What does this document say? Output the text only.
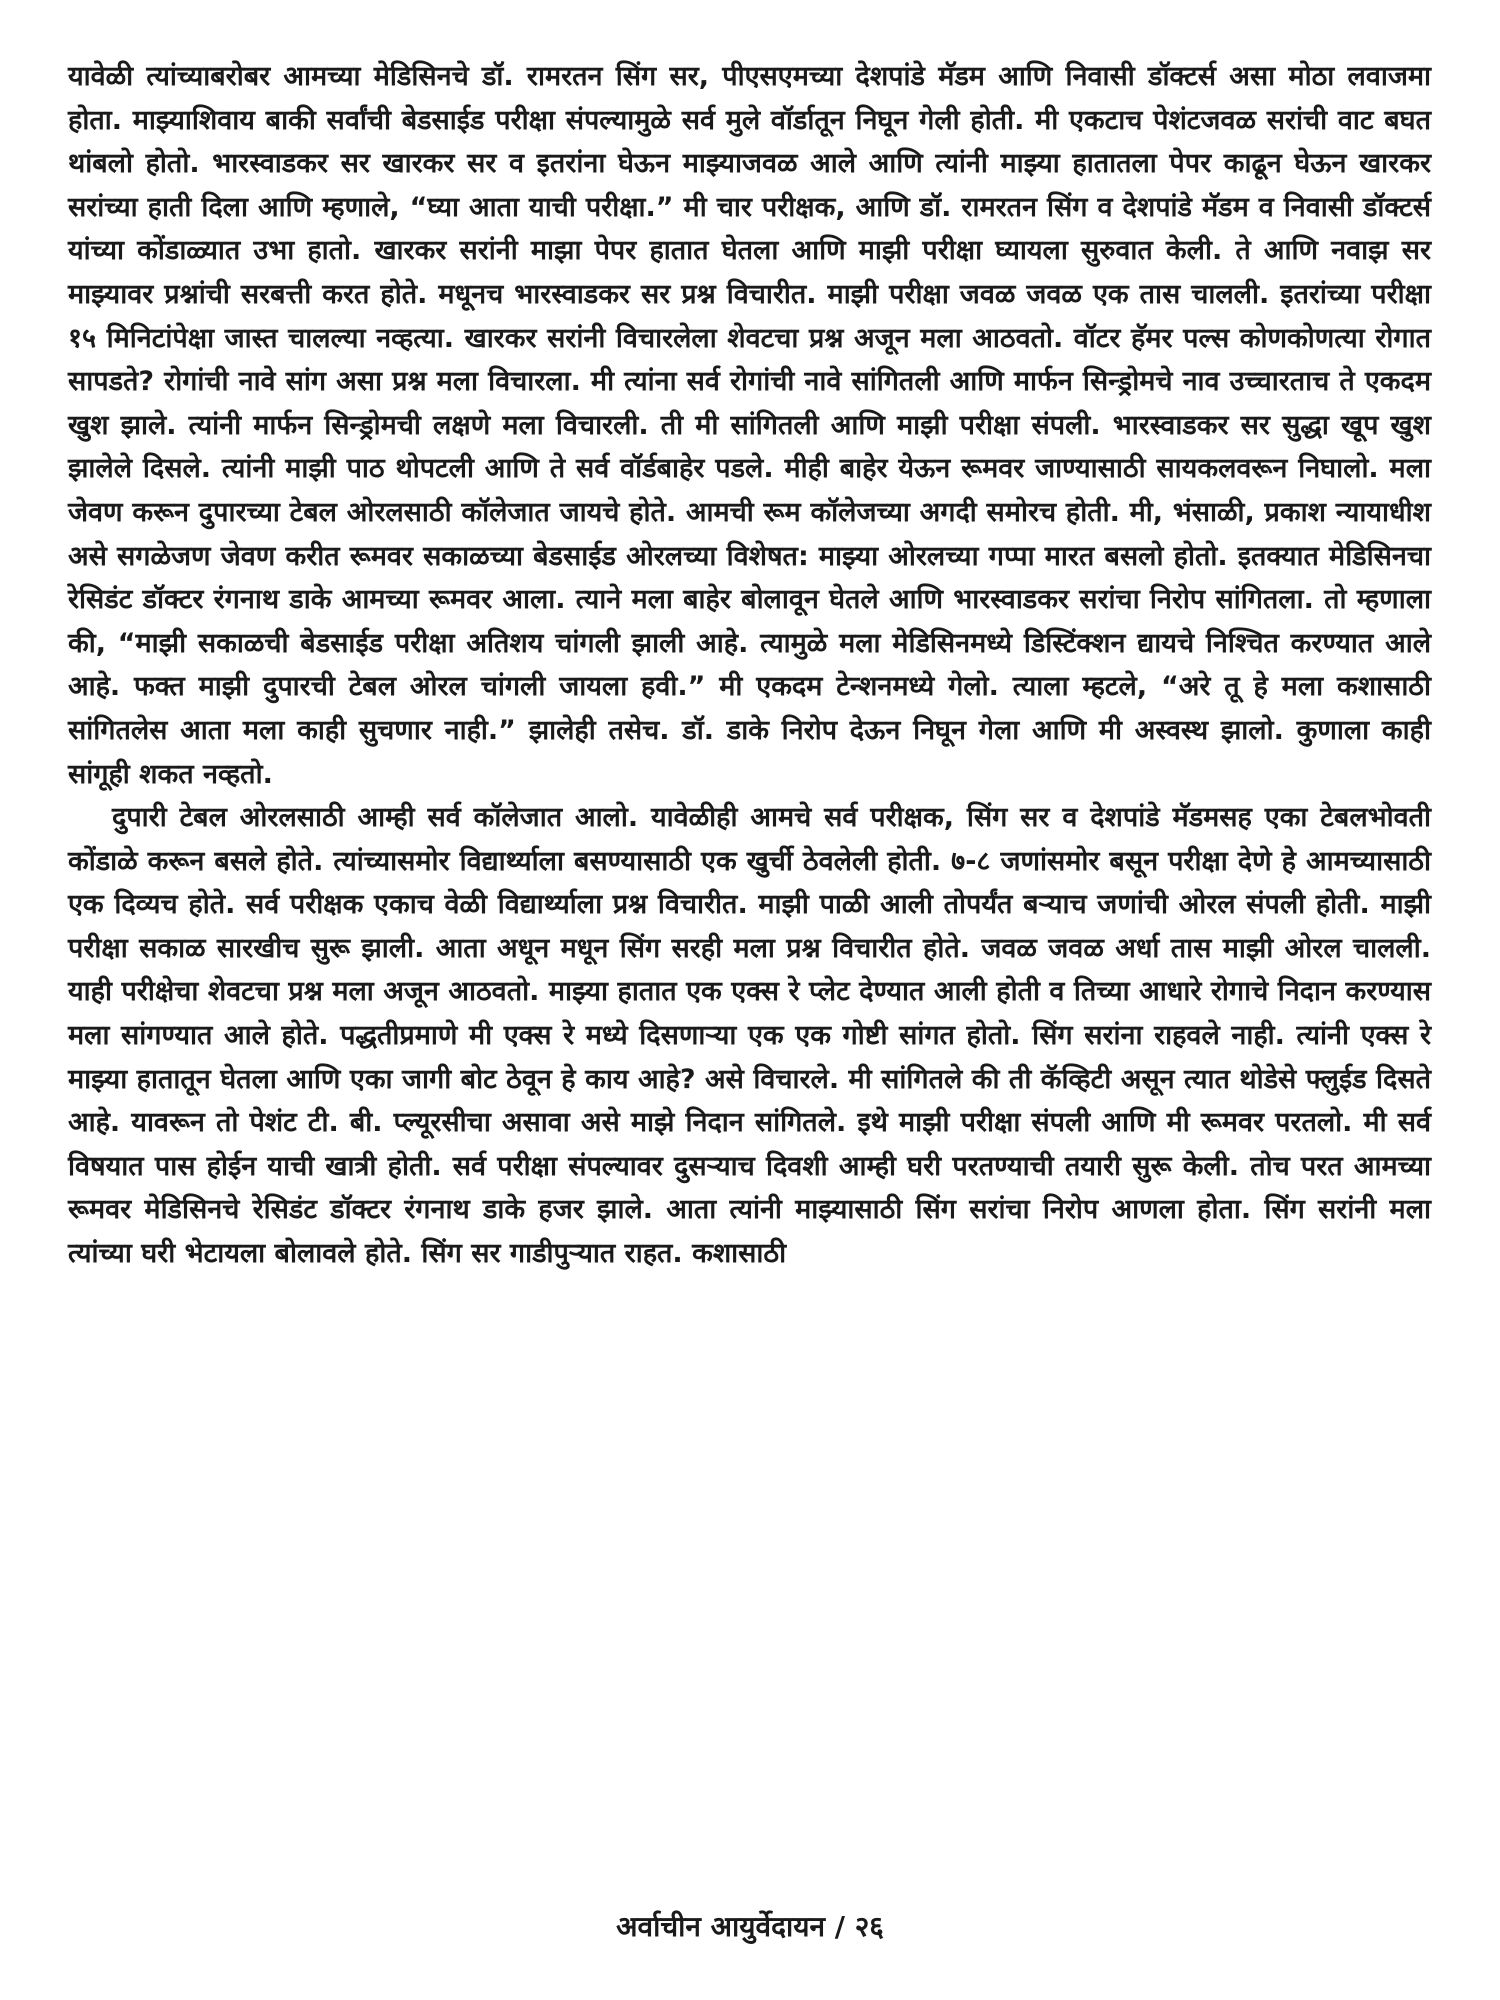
यावेळी त्यांच्याबरोबर आमच्या मेडिसिनचे डॉ. रामरतन सिंग सर, पीएसएमच्या देशपांडे मॅडम आणि निवासी डॉक्टर्स असा मोठा लवाजमा होता. माझ्याशिवाय बाकी सर्वांची बेडसाईड परीक्षा संपल्यामुळे सर्व मुले वॉर्डातून निघून गेली होती. मी एकटाच पेशंटजवळ सरांची वाट बघत थांबलो होतो. भारस्वाडकर सर खारकर सर व इतरांना घेऊन माझ्याजवळ आले आणि त्यांनी माझ्या हातातला पेपर काढून घेऊन खारकर सरांच्या हाती दिला आणि म्हणाले, “घ्या आता याची परीक्षा.” मी चार परीक्षक, आणि डॉ. रामरतन सिंग व देशपांडे मॅडम व निवासी डॉक्टर्स यांच्या कोंडाळ्यात उभा हातो. खारकर सरांनी माझा पेपर हातात घेतला आणि माझी परीक्षा घ्यायला सुरुवात केली. ते आणि नवाझ सर माझ्यावर प्रश्नांची सरबत्ती करत होते. मधूनच भारस्वाडकर सर प्रश्न विचारीत. माझी परीक्षा जवळ जवळ एक तास चालली. इतरांच्या परीक्षा १५ मिनिटांपेक्षा जास्त चालल्या नव्हत्या. खारकर सरांनी विचारलेला शेवटचा प्रश्न अजून मला आठवतो. वॉटर हॅमर पल्स कोणकोणत्या रोगात सापडते? रोगांची नावे सांग असा प्रश्न मला विचारला. मी त्यांना सर्व रोगांची नावे सांगितली आणि मार्फन सिन्ड्रोमचे नाव उच्चारताच ते एकदम खुश झाले. त्यांनी मार्फन सिन्ड्रोमची लक्षणे मला विचारली. ती मी सांगितली आणि माझी परीक्षा संपली. भारस्वाडकर सर सुद्धा खूप खुश झालेले दिसले. त्यांनी माझी पाठ थोपटली आणि ते सर्व वॉर्डबाहेर पडले. मीही बाहेर येऊन रूमवर जाण्यासाठी सायकलवरून निघालो. मला जेवण करून दुपारच्या टेबल ओरलसाठी कॉलेजात जायचे होते. आमची रूम कॉलेजच्या अगदी समोरच होती. मी, भंसाळी, प्रकाश न्यायाधीश असे सगळेजण जेवण करीत रूमवर सकाळच्या बेडसाईड ओरलच्या विशेषत: माझ्या ओरलच्या गप्पा मारत बसलो होतो. इतक्यात मेडिसिनचा रेसिडंट डॉक्टर रंगनाथ डाके आमच्या रूमवर आला. त्याने मला बाहेर बोलावून घेतले आणि भारस्वाडकर सरांचा निरोप सांगितला. तो म्हणाला की, “माझी सकाळची बेडसाईड परीक्षा अतिशय चांगली झाली आहे. त्यामुळे मला मेडिसिनमध्ये डिस्टिंक्शन द्यायचे निश्चित करण्यात आले आहे. फक्त माझी दुपारची टेबल ओरल चांगली जायला हवी.” मी एकदम टेन्शनमध्ये गेलो. त्याला म्हटले, “अरे तू हे मला कशासाठी सांगितलेस आता मला काही सुचणार नाही.” झालेही तसेच. डॉ. डाके निरोप देऊन निघून गेला आणि मी अस्वस्थ झालो. कुणाला काही सांगूही शकत नव्हतो.

दुपारी टेबल ओरलसाठी आम्ही सर्व कॉलेजात आलो. यावेळीही आमचे सर्व परीक्षक, सिंग सर व देशपांडे मॅडमसह एका टेबलभोवती कोंडाळे करून बसले होते. त्यांच्यासमोर विद्यार्थ्याला बसण्यासाठी एक खुर्ची ठेवलेली होती. ७-८ जणांसमोर बसून परीक्षा देणे हे आमच्यासाठी एक दिव्यच होते. सर्व परीक्षक एकाच वेळी विद्यार्थ्याला प्रश्न विचारीत. माझी पाळी आली तोपर्यंत बऱ्याच जणांची ओरल संपली होती. माझी परीक्षा सकाळ सारखीच सुरू झाली. आता अधून मधून सिंग सरही मला प्रश्न विचारीत होते. जवळ जवळ अर्धा तास माझी ओरल चालली. याही परीक्षेचा शेवटचा प्रश्न मला अजून आठवतो. माझ्या हातात एक एक्स रे प्लेट देण्यात आली होती व तिच्या आधारे रोगाचे निदान करण्यास मला सांगण्यात आले होते. पद्धतीप्रमाणे मी एक्स रे मध्ये दिसणाऱ्या एक एक गोष्टी सांगत होतो. सिंग सरांना राहवले नाही. त्यांनी एक्स रे माझ्या हातातून घेतला आणि एका जागी बोट ठेवून हे काय आहे? असे विचारले. मी सांगितले की ती कॅव्हिटी असून त्यात थोडेसे फ्लुईड दिसते आहे. यावरून तो पेशंट टी. बी. प्ल्यूरसीचा असावा असे माझे निदान सांगितले. इथे माझी परीक्षा संपली आणि मी रूमवर परतलो. मी सर्व विषयात पास होईन याची खात्री होती. सर्व परीक्षा संपल्यावर दुसऱ्याच दिवशी आम्ही घरी परतण्याची तयारी सुरू केली. तोच परत आमच्या रूमवर मेडिसिनचे रेसिडंट डॉक्टर रंगनाथ डाके हजर झाले. आता त्यांनी माझ्यासाठी सिंग सरांचा निरोप आणला होता. सिंग सरांनी मला त्यांच्या घरी भेटायला बोलावले होते. सिंग सर गाडीपुऱ्यात राहत. कशासाठी

अर्वाचीन आयुर्वेदायन / २६
